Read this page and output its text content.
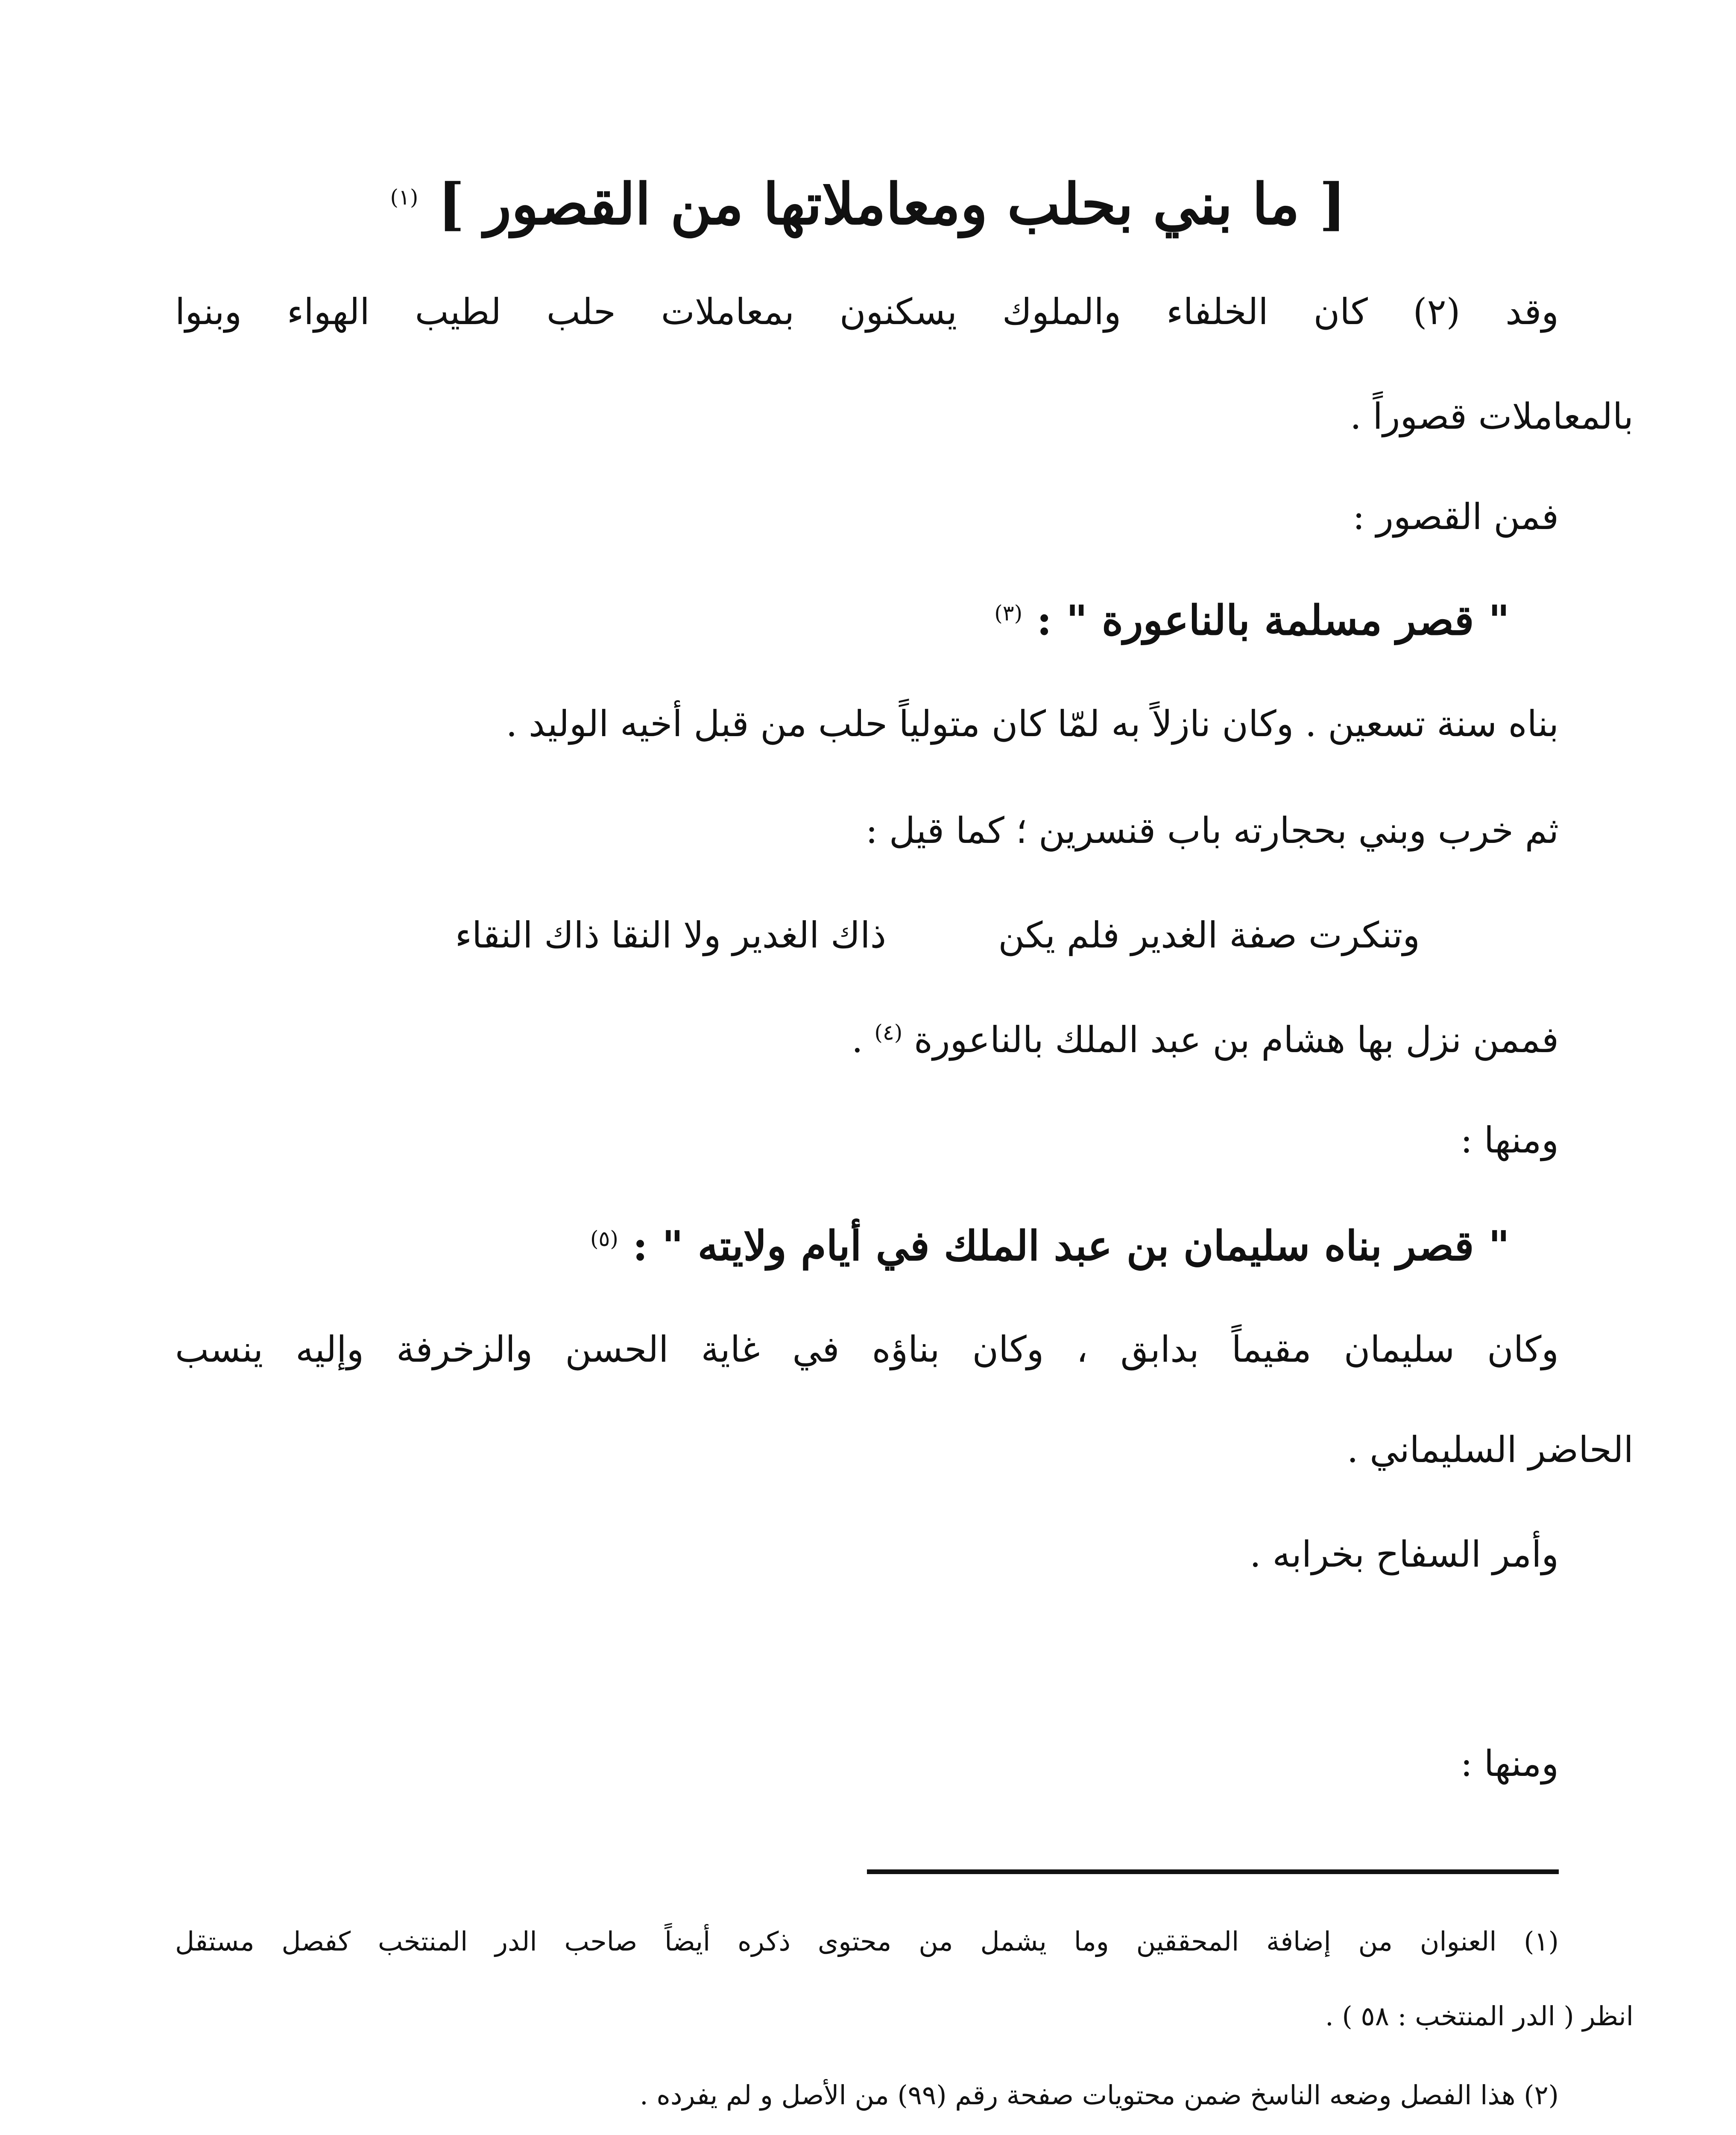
[ ما بني بحلب ومعاملاتها من القصور ] $^{(١)}$
وقد (٢) كان الخلفاء والملوك يسكنون بمعاملات حلب لطيب الهواء وبنوا
بالمعاملات قصوراً .
فمن القصور :
" قصر مسلمة بالناعورة " : $^{(٣)}$
بناه سنة تسعين . وكان نازلاً به لمّا كان متولياً حلب من قبل أخيه الوليد .
ثم خرب وبني بحجارته باب قنسرين ؛ كما قيل :
وتنكرت صفة الغدير فلم يكن
ذاك الغدير ولا النقا ذاك النقاء
فممن نزل بها هشام بن عبد الملك بالناعورة $^{(٤)}$ .
ومنها :
" قصر بناه سليمان بن عبد الملك في أيام ولايته " : $^{(٥)}$
وكان سليمان مقيماً بدابق ، وكان بناؤه في غاية الحسن والزخرفة وإليه ينسب
الحاضر السليماني .
وأمر السفاح بخرابه .
ومنها :
(١) العنوان من إضافة المحققين وما يشمل من محتوى ذكره أيضاً صاحب الدر المنتخب كفصل مستقل
انظر ( الدر المنتخب : ٥٨ ) .
(٢) هذا الفصل وضعه الناسخ ضمن محتويات صفحة رقم (٩٩) من الأصل و لم يفرده .
